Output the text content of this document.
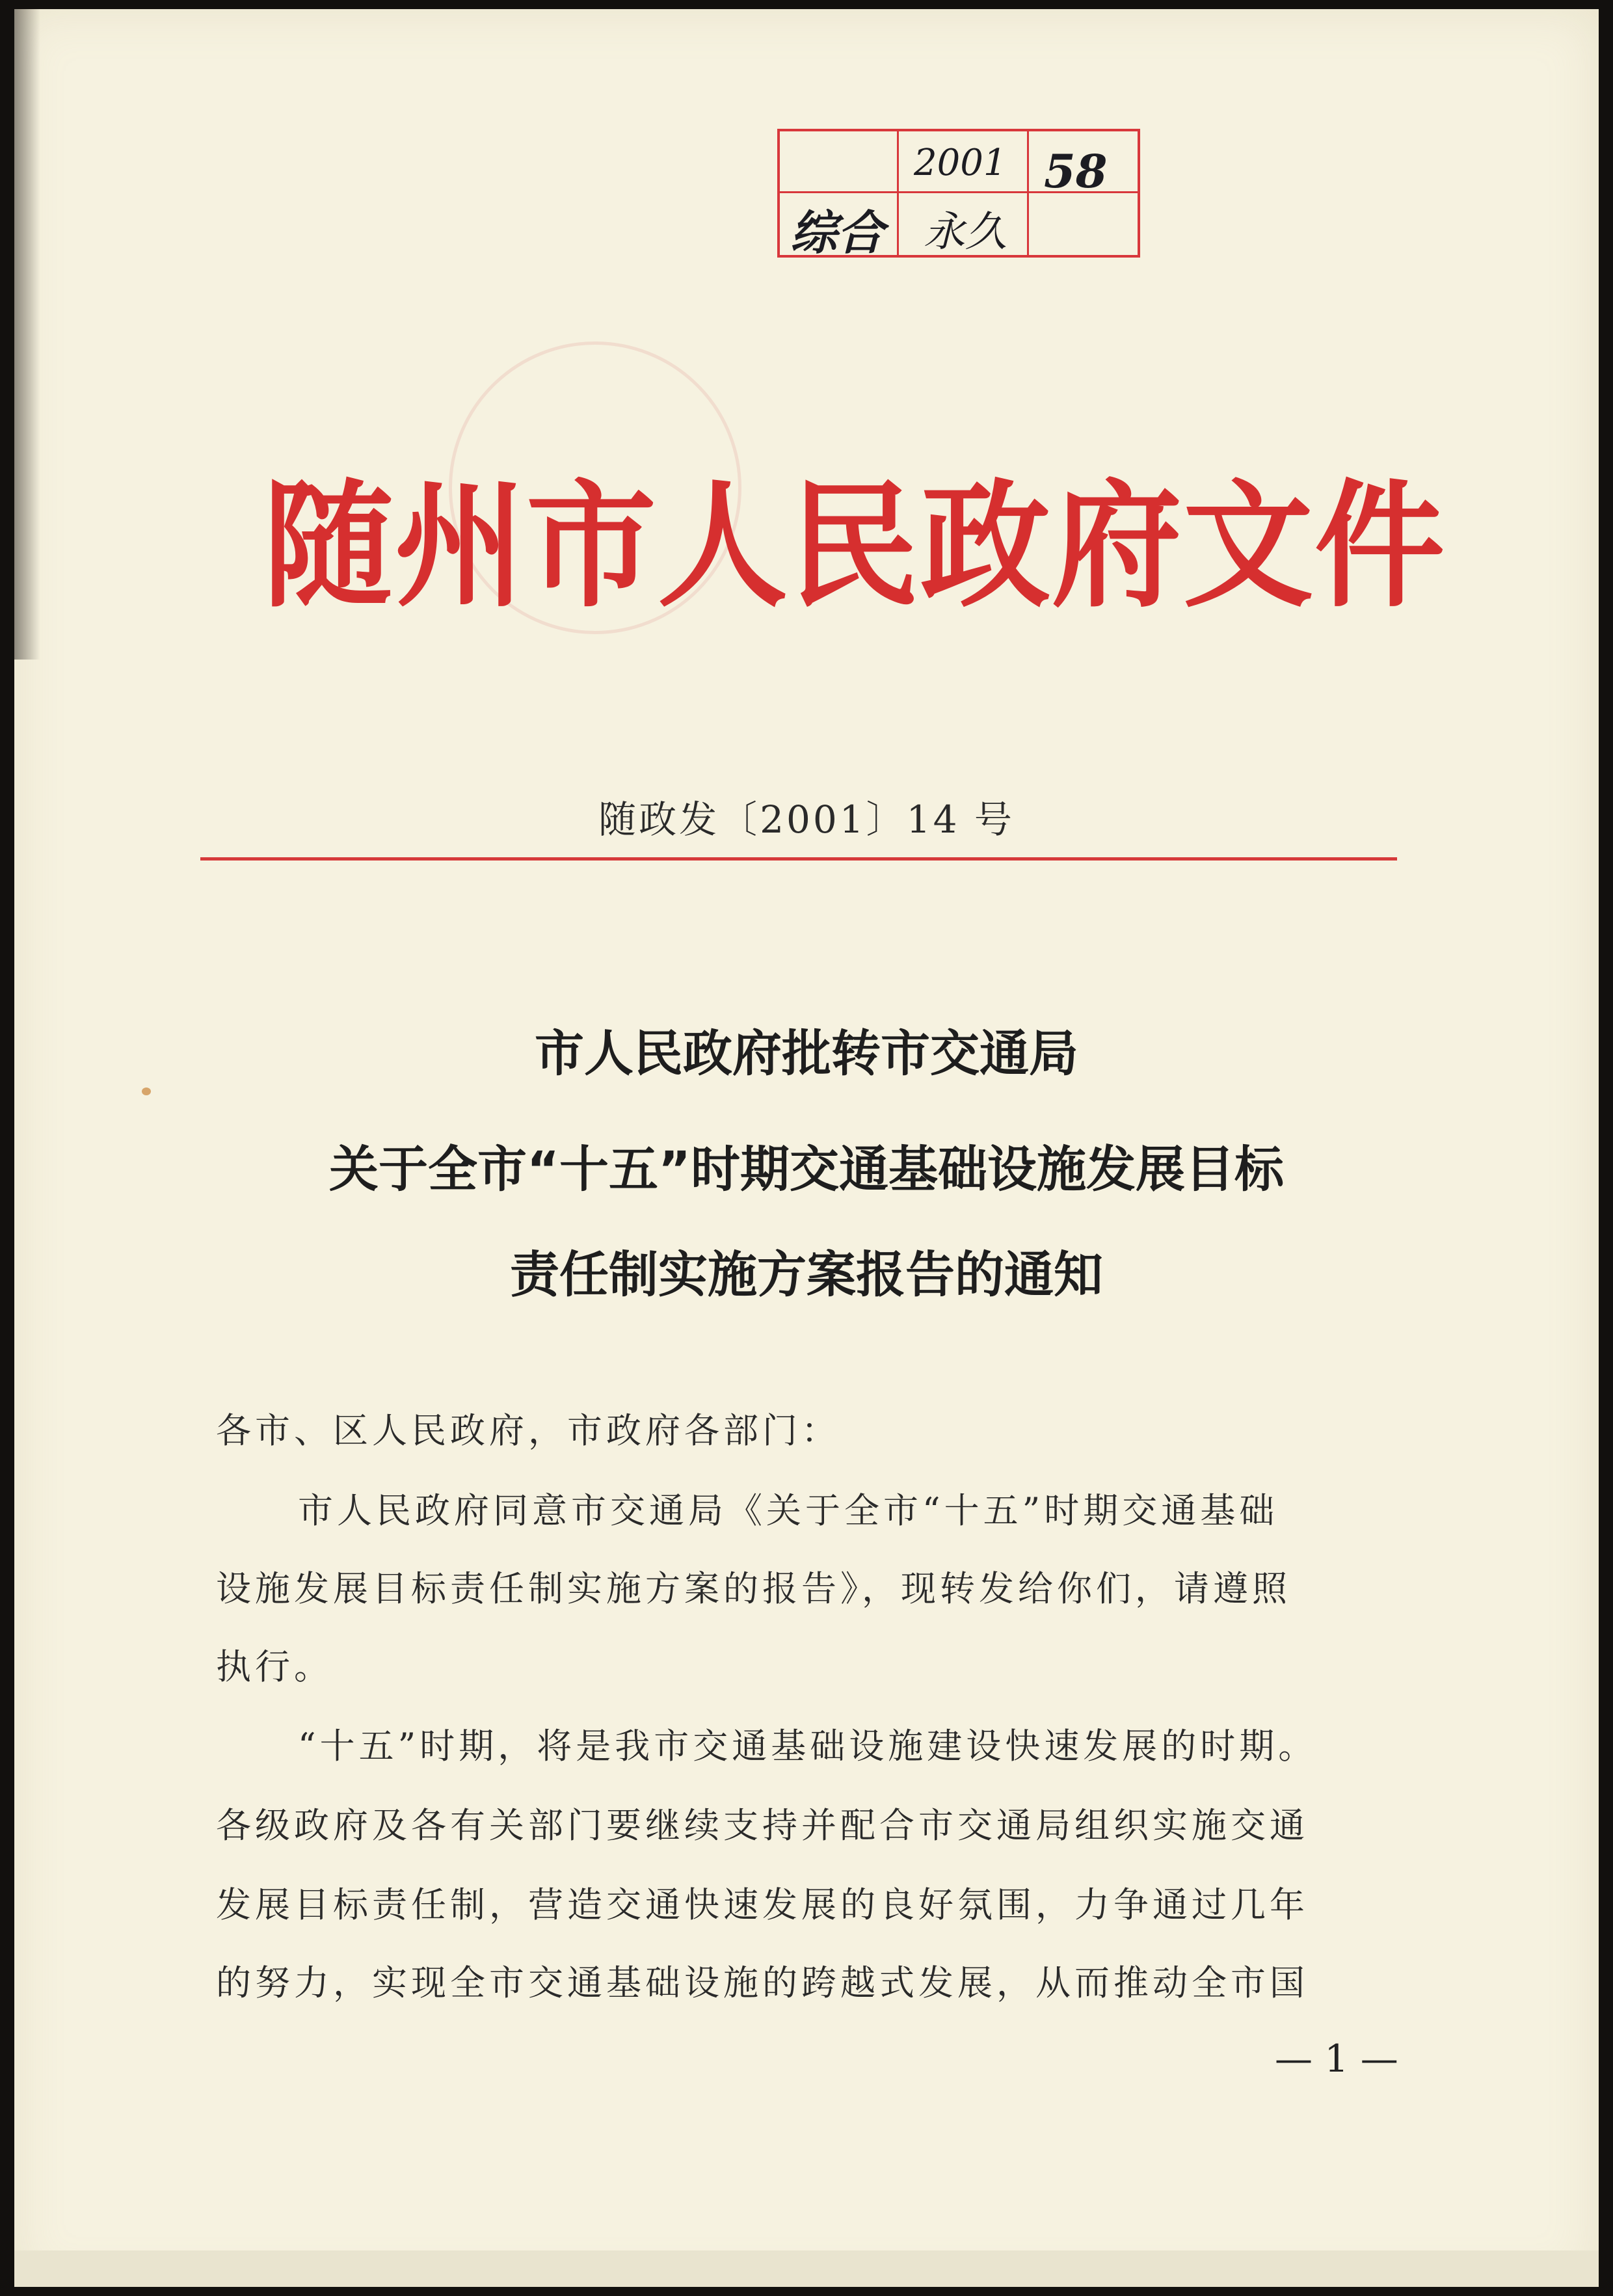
2001 58
综合 永久
随州市人民政府文件
随政发〔2001〕14 号
市人民政府批转市交通局
关于全市“十五”时期交通基础设施发展目标
责任制实施方案报告的通知
各市、区人民政府，市政府各部门：
市人民政府同意市交通局《关于全市“十五”时期交通基础
设施发展目标责任制实施方案的报告》，现转发给你们，请遵照
执行。
“十五”时期，将是我市交通基础设施建设快速发展的时期。
各级政府及各有关部门要继续支持并配合市交通局组织实施交通
发展目标责任制，营造交通快速发展的良好氛围，力争通过几年
的努力，实现全市交通基础设施的跨越式发展，从而推动全市国
— 1 —
